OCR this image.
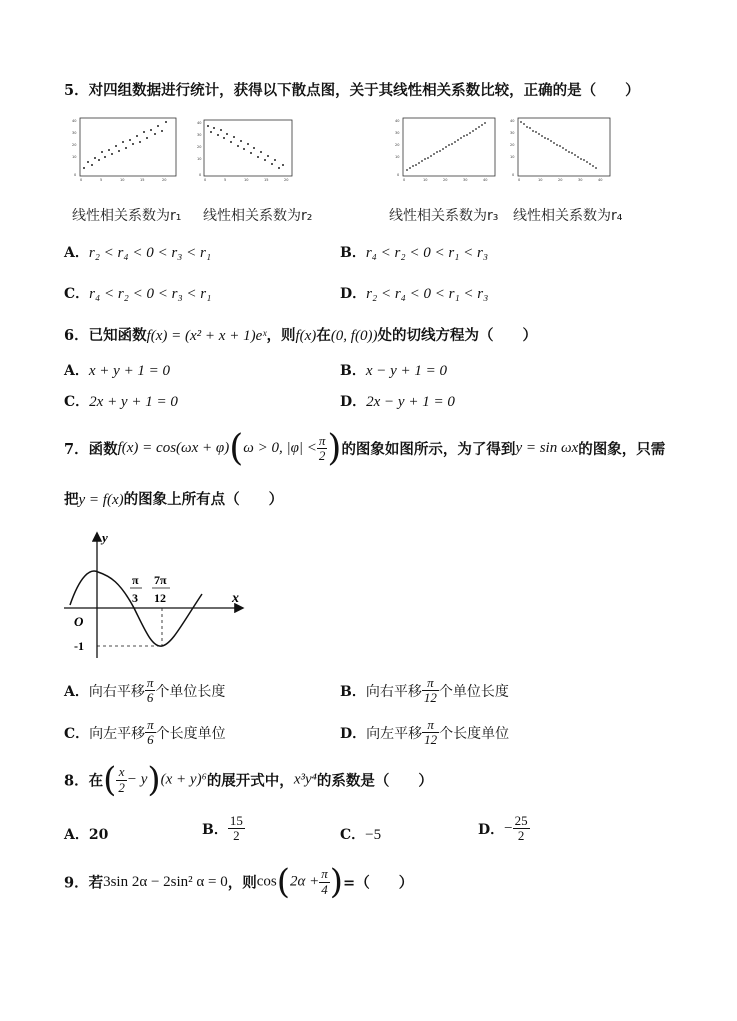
5．对四组数据进行统计，获得以下散点图，关于其线性相关系数比较，正确的是（　　）
40
30
20
10
0
0	5	10	15	20
40
30
20
10
0
0	5	10	15	20
40
30
20
10
0
0	10	20	30	40
40
30
20
10
0
0	10	20	30	40
线性相关系数为r₁ 线性相关系数为r₂	线性相关系数为r₃ 线性相关系数为r₄
A．r₂ < r₄ < 0 < r₃ < r₁	B．r₄ < r₂ < 0 < r₁ < r₃
C．r₄ < r₂ < 0 < r₃ < r₁	D．r₂ < r₄ < 0 < r₁ < r₃
6．已知函数f(x) = (x² + x + 1)eˣ，则f(x)在(0, f(0))处的切线方程为（　　）
A．x + y + 1 = 0	B．x − y + 1 = 0
C．2x + y + 1 = 0	D．2x − y + 1 = 0
7．函数f(x) = cos(ωx + φ)(ω > 0, $|\varphi| < \frac{\pi}{2}$ )的图象如图所示，为了得到y = sin ωx的图象，只需
把y = f(x)的图象上所有点（　　）
y
x
O
-1
π
3
7π
12
A．向右平移 $\frac{\pi}{6}$ 个单位长度	B．向右平移 $\frac{\pi}{12}$ 个单位长度
C．向左平移 $\frac{\pi}{6}$ 个长度单位	D．向左平移 $\frac{\pi}{12}$ 个长度单位
8．在( $\frac{x}{2} - y)(x + y)^6$的展开式中，x³y⁴的系数是（　　）
A．20	B． $\frac{15}{2}$	C．−5	D．− $\frac{25}{2}$
9．若3sin 2α − 2sin² α = 0，则$\cos(2\alpha + \frac{\pi}{4}$ )=（　　）
